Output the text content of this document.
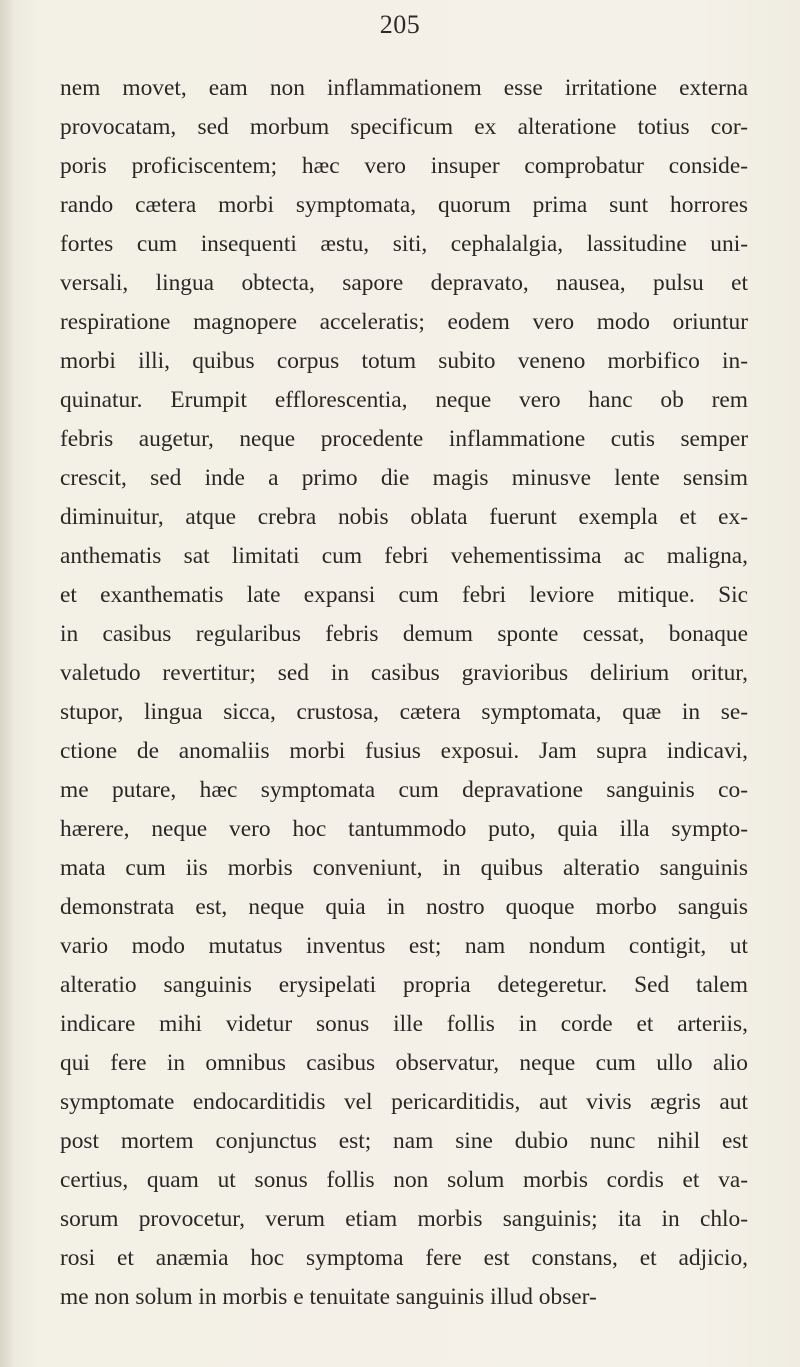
205
nem movet, eam non inflammationem esse irritatione externa
provocatam, sed morbum specificum ex alteratione totius cor-
poris proficiscentem; hæc vero insuper comprobatur conside-
rando cætera morbi symptomata, quorum prima sunt horrores
fortes cum insequenti æstu, siti, cephalalgia, lassitudine uni-
versali, lingua obtecta, sapore depravato, nausea, pulsu et
respiratione magnopere acceleratis; eodem vero modo oriuntur
morbi illi, quibus corpus totum subito veneno morbifico in-
quinatur. Erumpit efflorescentia, neque vero hanc ob rem
febris augetur, neque procedente inflammatione cutis semper
crescit, sed inde a primo die magis minusve lente sensim
diminuitur, atque crebra nobis oblata fuerunt exempla et ex-
anthematis sat limitati cum febri vehementissima ac maligna,
et exanthematis late expansi cum febri leviore mitique. Sic
in casibus regularibus febris demum sponte cessat, bonaque
valetudo revertitur; sed in casibus gravioribus delirium oritur,
stupor, lingua sicca, crustosa, cætera symptomata, quæ in se-
ctione de anomaliis morbi fusius exposui. Jam supra indicavi,
me putare, hæc symptomata cum depravatione sanguinis co-
hærere, neque vero hoc tantummodo puto, quia illa sympto-
mata cum iis morbis conveniunt, in quibus alteratio sanguinis
demonstrata est, neque quia in nostro quoque morbo sanguis
vario modo mutatus inventus est; nam nondum contigit, ut
alteratio sanguinis erysipelati propria detegeretur. Sed talem
indicare mihi videtur sonus ille follis in corde et arteriis,
qui fere in omnibus casibus observatur, neque cum ullo alio
symptomate endocarditidis vel pericarditidis, aut vivis ægris aut
post mortem conjunctus est; nam sine dubio nunc nihil est
certius, quam ut sonus follis non solum morbis cordis et va-
sorum provocetur, verum etiam morbis sanguinis; ita in chlo-
rosi et anæmia hoc symptoma fere est constans, et adjicio,
me non solum in morbis e tenuitate sanguinis illud obser-
